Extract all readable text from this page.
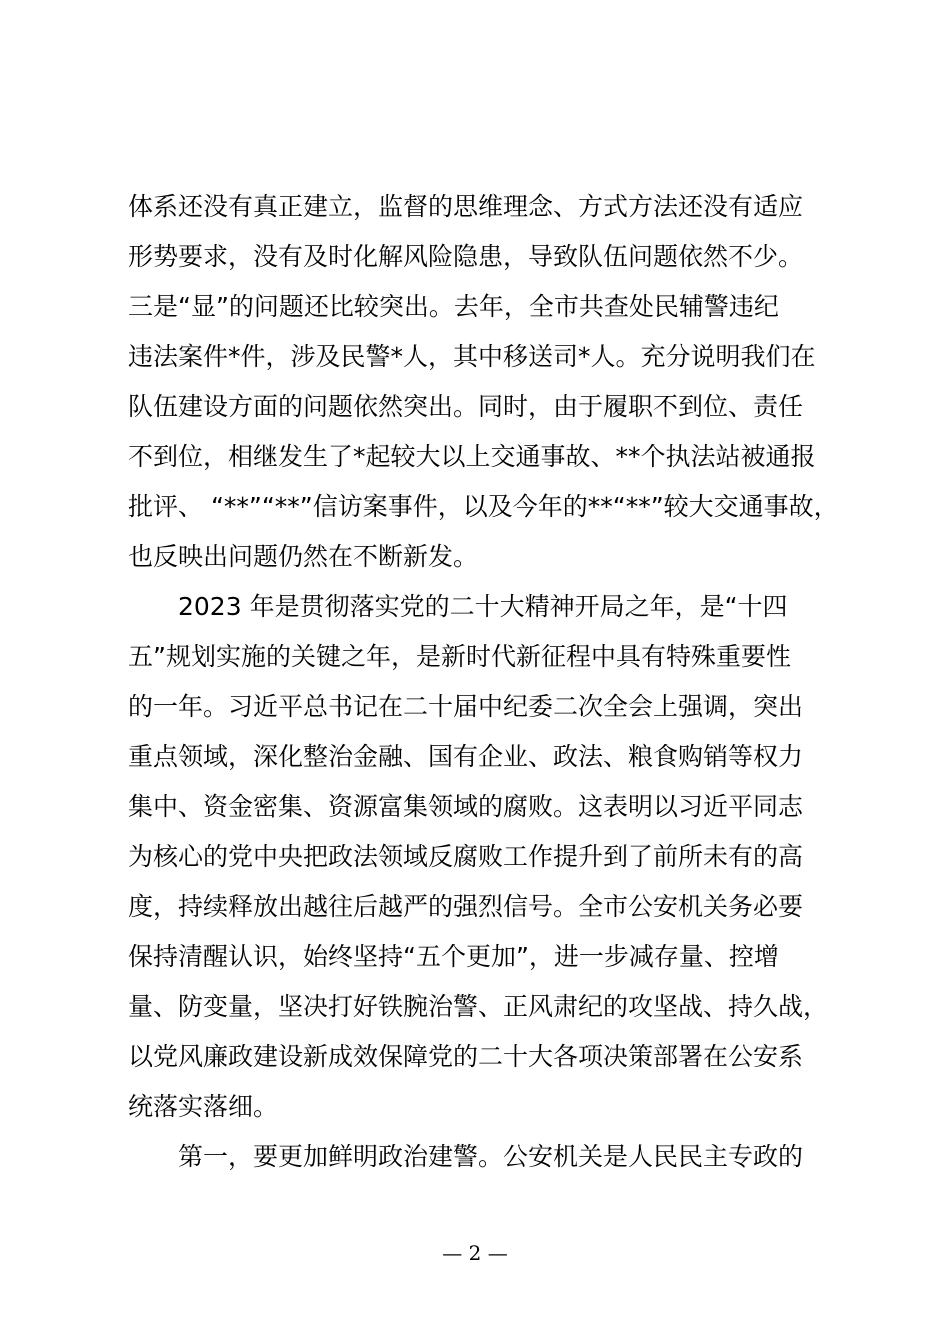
体系还没有真正建立，监督的思维理念、方式方法还没有适应
形势要求，没有及时化解风险隐患，导致队伍问题依然不少。
三是“显”的问题还比较突出。去年，全市共查处民辅警违纪
违法案件*件，涉及民警*人，其中移送司*人。充分说明我们在
队伍建设方面的问题依然突出。同时，由于履职不到位、责任
不到位，相继发生了*起较大以上交通事故、**个执法站被通报
批评、 “**”“**”信访案事件，以及今年的**“**”较大交通事故，
也反映出问题仍然在不断新发。
2023 年是贯彻落实党的二十大精神开局之年，是“十四
五”规划实施的关键之年，是新时代新征程中具有特殊重要性
的一年。习近平总书记在二十届中纪委二次全会上强调，突出
重点领域，深化整治金融、国有企业、政法、粮食购销等权力
集中、资金密集、资源富集领域的腐败。这表明以习近平同志
为核心的党中央把政法领域反腐败工作提升到了前所未有的高
度，持续释放出越往后越严的强烈信号。全市公安机关务必要
保持清醒认识，始终坚持“五个更加”，进一步减存量、控增
量、防变量，坚决打好铁腕治警、正风肃纪的攻坚战、持久战，
以党风廉政建设新成效保障党的二十大各项决策部署在公安系
统落实落细。
第一，要更加鲜明政治建警。公安机关是人民民主专政的
— 2 —
